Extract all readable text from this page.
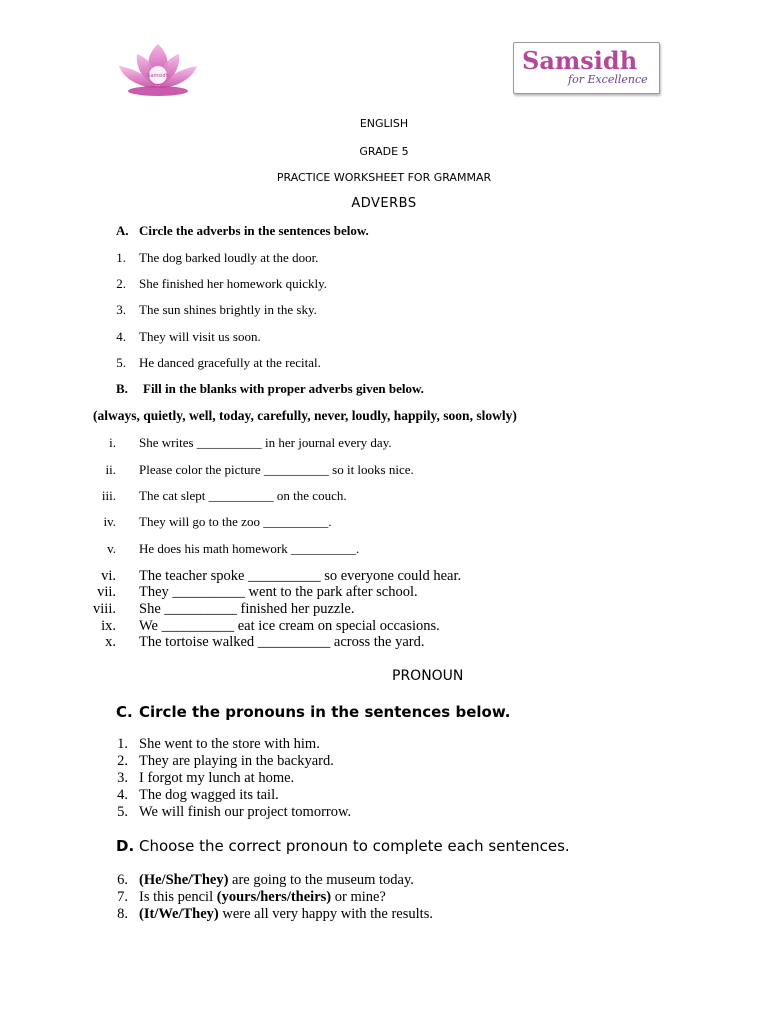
Samsidh
Samsidh
for Excellence
ENGLISH
GRADE 5
PRACTICE WORKSHEET FOR GRAMMAR
ADVERBS
A. Circle the adverbs in the sentences below.
1. The dog barked loudly at the door.
2. She finished her homework quickly.
3. The sun shines brightly in the sky.
4. They will visit us soon.
5. He danced gracefully at the recital.
B. Fill in the blanks with proper adverbs given below.
(always, quietly, well, today, carefully, never, loudly, happily, soon, slowly)
i. She writes __________ in her journal every day.
ii. Please color the picture __________ so it looks nice.
iii. The cat slept __________ on the couch.
iv. They will go to the zoo __________.
v. He does his math homework __________.
vi. The teacher spoke __________ so everyone could hear.
vii. They __________ went to the park after school.
viii. She __________ finished her puzzle.
ix. We __________ eat ice cream on special occasions.
x. The tortoise walked __________ across the yard.
PRONOUN
C. Circle the pronouns in the sentences below.
1. She went to the store with him.
2. They are playing in the backyard.
3. I forgot my lunch at home.
4. The dog wagged its tail.
5. We will finish our project tomorrow.
D. Choose the correct pronoun to complete each sentences.
6. (He/She/They) are going to the museum today.
7. Is this pencil (yours/hers/theirs) or mine?
8. (It/We/They) were all very happy with the results.
